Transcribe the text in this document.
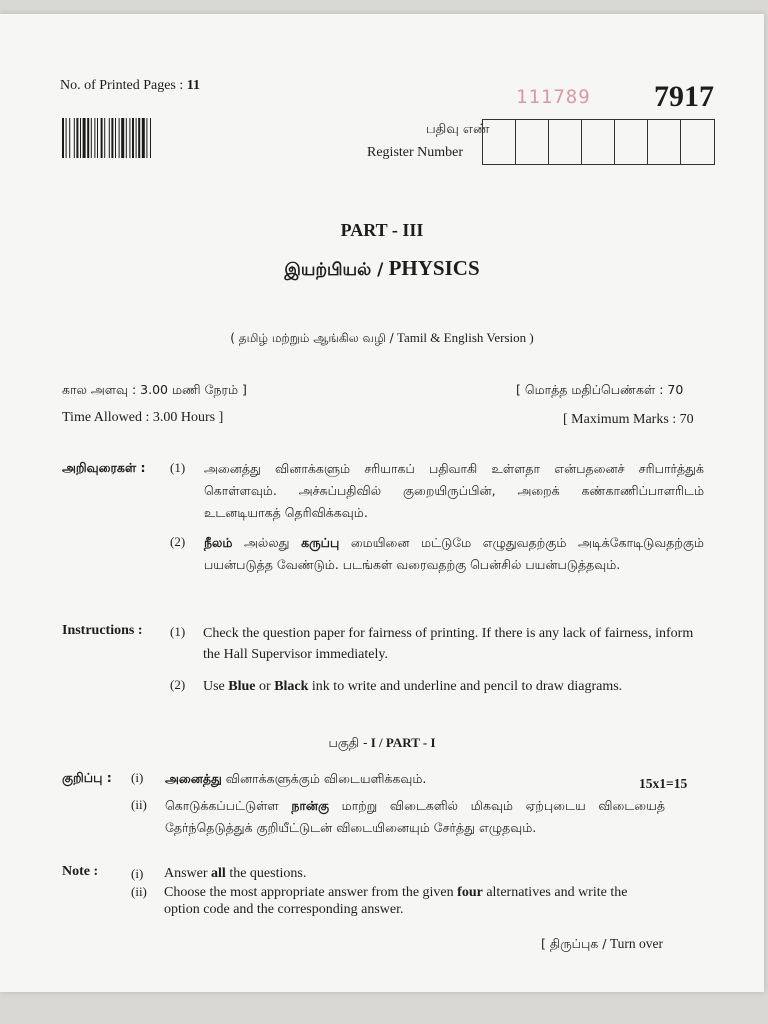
No. of Printed Pages : 11
111789 7917
பதிவு எண்
Register Number
PART - III
இயற்பியல் / PHYSICS
( தமிழ் மற்றும் ஆங்கில வழி / Tamil & English Version )
கால அளவு : 3.00 மணி நேரம் ]	[ மொத்த மதிப்பெண்கள் : 70
Time Allowed : 3.00 Hours ]	[ Maximum Marks : 70
அறிவுரைகள் : (1) அனைத்து வினாக்களும் சரியாகப் பதிவாகி உள்ளதா என்பதனைச் சரிபார்த்துக் கொள்ளவும். அச்சுப்பதிவில் குறையிருப்பின், அறைக் கண்காணிப்பாளரிடம் உடனடியாகத் தெரிவிக்கவும்.
(2) நீலம் அல்லது கருப்பு மையினை மட்டுமே எழுதுவதற்கும் அடிக்கோடிடுவதற்கும் பயன்படுத்த வேண்டும். படங்கள் வரைவதற்கு பென்சில் பயன்படுத்தவும்.
Instructions : (1) Check the question paper for fairness of printing. If there is any lack of fairness, inform the Hall Supervisor immediately.
(2) Use Blue or Black ink to write and underline and pencil to draw diagrams.
பகுதி - I / PART - I
குறிப்பு : (i) அனைத்து வினாக்களுக்கும் விடையளிக்கவும்.	15x1=15
(ii) கொடுக்கப்பட்டுள்ள நான்கு மாற்று விடைகளில் மிகவும் ஏற்புடைய விடையைத் தேர்ந்தெடுத்துக் குறியீட்டுடன் விடையினையும் சேர்த்து எழுதவும்.
Note :	(i) Answer all the questions.
(ii) Choose the most appropriate answer from the given four alternatives and write the option code and the corresponding answer.
[ திருப்புக / Turn over
